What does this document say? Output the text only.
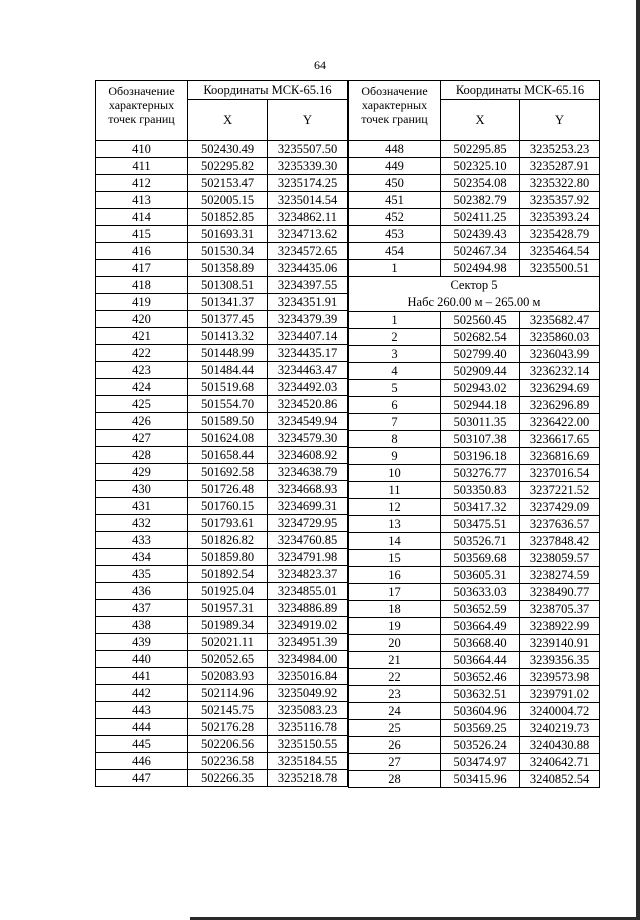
64
Обозначение
характерных
точек границ	Координаты МСК-65.16	
	X	Y
410	502430.49	3235507.50
411	502295.82	3235339.30
412	502153.47	3235174.25
413	502005.15	3235014.54
414	501852.85	3234862.11
415	501693.31	3234713.62
416	501530.34	3234572.65
417	501358.89	3234435.06
418	501308.51	3234397.55
419	501341.37	3234351.91
420	501377.45	3234379.39
421	501413.32	3234407.14
422	501448.99	3234435.17
423	501484.44	3234463.47
424	501519.68	3234492.03
425	501554.70	3234520.86
426	501589.50	3234549.94
427	501624.08	3234579.30
428	501658.44	3234608.92
429	501692.58	3234638.79
430	501726.48	3234668.93
431	501760.15	3234699.31
432	501793.61	3234729.95
433	501826.82	3234760.85
434	501859.80	3234791.98
435	501892.54	3234823.37
436	501925.04	3234855.01
437	501957.31	3234886.89
438	501989.34	3234919.02
439	502021.11	3234951.39
440	502052.65	3234984.00
441	502083.93	3235016.84
442	502114.96	3235049.92
443	502145.75	3235083.23
444	502176.28	3235116.78
445	502206.56	3235150.55
446	502236.58	3235184.55
447	502266.35	3235218.78
Обозначение
характерных
точек границ	Координаты МСК-65.16	
	X	Y
448	502295.85	3235253.23
449	502325.10	3235287.91
450	502354.08	3235322.80
451	502382.79	3235357.92
452	502411.25	3235393.24
453	502439.43	3235428.79
454	502467.34	3235464.54
1	502494.98	3235500.51
Сектор 5
Набс 260.00 м – 265.00 м		
1	502560.45	3235682.47
2	502682.54	3235860.03
3	502799.40	3236043.99
4	502909.44	3236232.14
5	502943.02	3236294.69
6	502944.18	3236296.89
7	503011.35	3236422.00
8	503107.38	3236617.65
9	503196.18	3236816.69
10	503276.77	3237016.54
11	503350.83	3237221.52
12	503417.32	3237429.09
13	503475.51	3237636.57
14	503526.71	3237848.42
15	503569.68	3238059.57
16	503605.31	3238274.59
17	503633.03	3238490.77
18	503652.59	3238705.37
19	503664.49	3238922.99
20	503668.40	3239140.91
21	503664.44	3239356.35
22	503652.46	3239573.98
23	503632.51	3239791.02
24	503604.96	3240004.72
25	503569.25	3240219.73
26	503526.24	3240430.88
27	503474.97	3240642.71
28	503415.96	3240852.54
